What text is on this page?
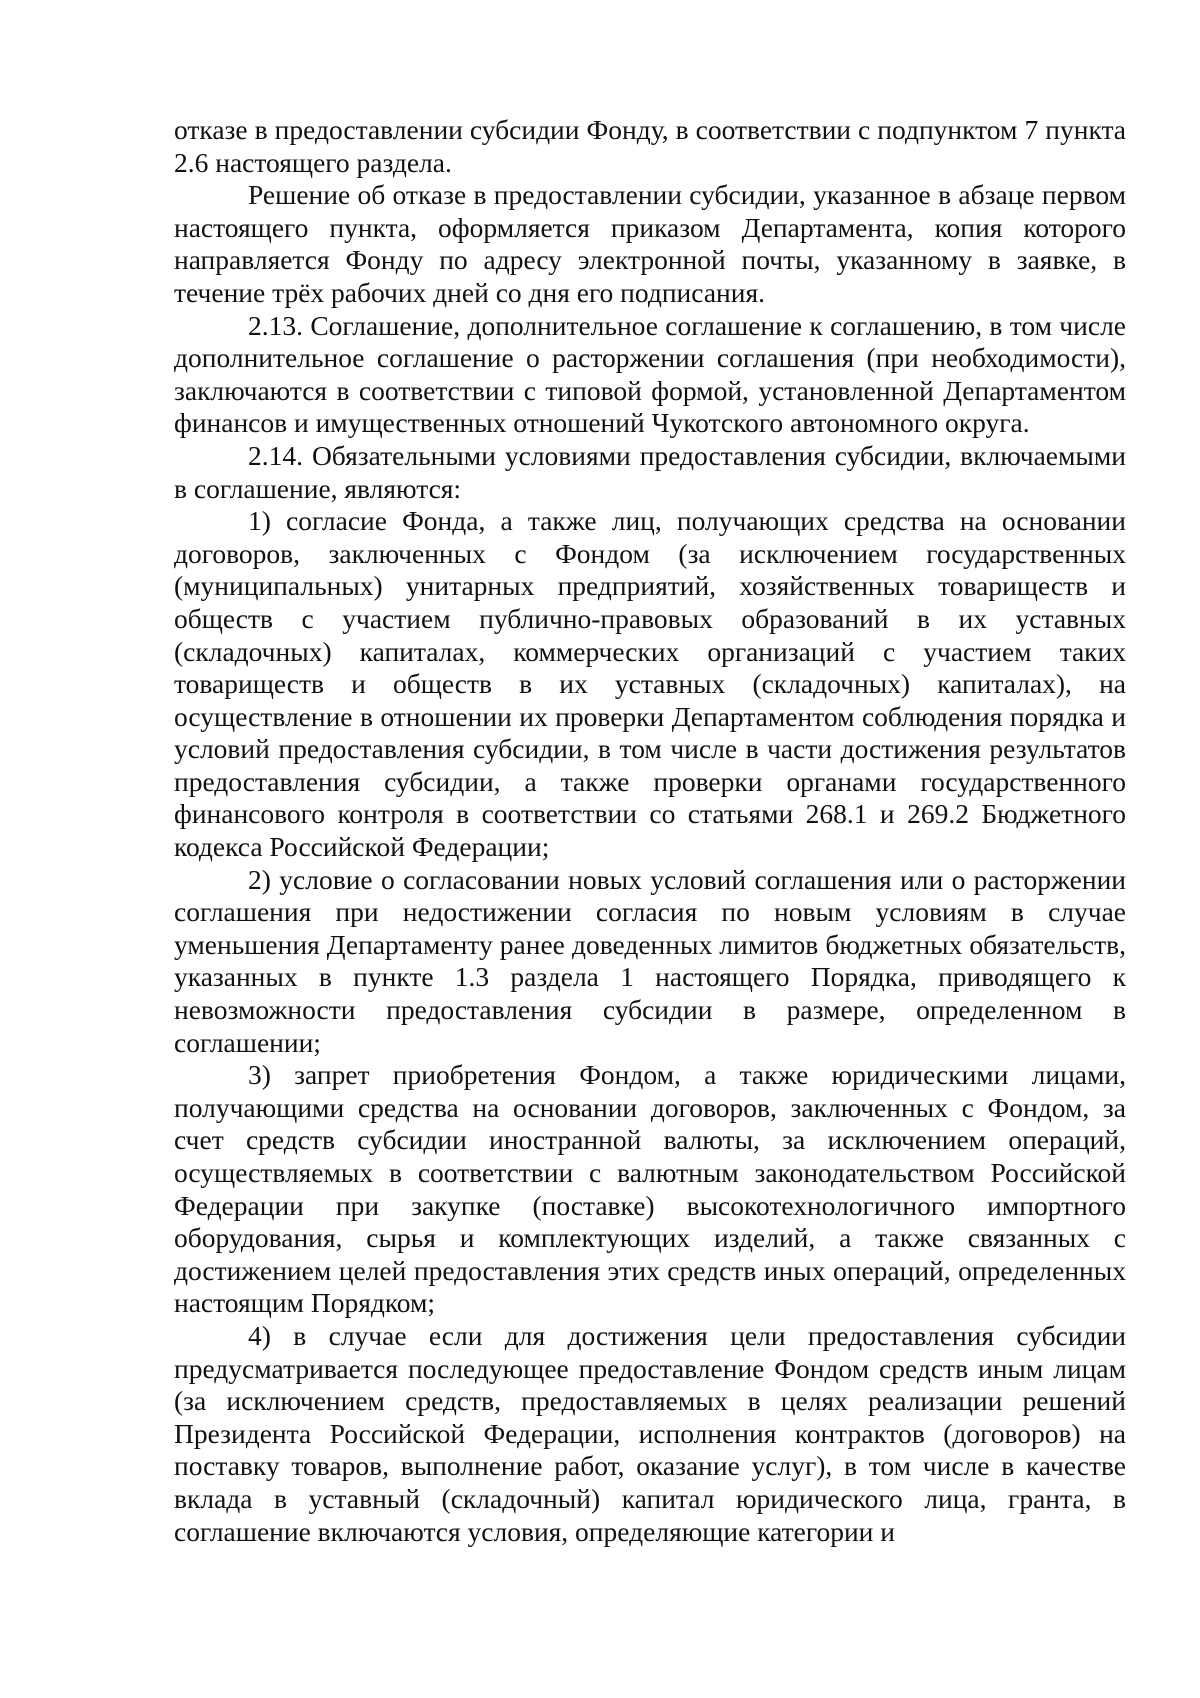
отказе в предоставлении субсидии Фонду, в соответствии с подпунктом 7 пункта 2.6 настоящего раздела.

Решение об отказе в предоставлении субсидии, указанное в абзаце первом настоящего пункта, оформляется приказом Департамента, копия которого направляется Фонду по адресу электронной почты, указанному в заявке, в течение трёх рабочих дней со дня его подписания.

2.13. Соглашение, дополнительное соглашение к соглашению, в том числе дополнительное соглашение о расторжении соглашения (при необходимости), заключаются в соответствии с типовой формой, установленной Департаментом финансов и имущественных отношений Чукотского автономного округа.

2.14. Обязательными условиями предоставления субсидии, включаемыми в соглашение, являются:

1) согласие Фонда, а также лиц, получающих средства на основании договоров, заключенных с Фондом (за исключением государственных (муниципальных) унитарных предприятий, хозяйственных товариществ и обществ с участием публично-правовых образований в их уставных (складочных) капиталах, коммерческих организаций с участием таких товариществ и обществ в их уставных (складочных) капиталах), на осуществление в отношении их проверки Департаментом соблюдения порядка и условий предоставления субсидии, в том числе в части достижения результатов предоставления субсидии, а также проверки органами государственного финансового контроля в соответствии со статьями 268.1 и 269.2 Бюджетного кодекса Российской Федерации;

2) условие о согласовании новых условий соглашения или о расторжении соглашения при недостижении согласия по новым условиям в случае уменьшения Департаменту ранее доведенных лимитов бюджетных обязательств, указанных в пункте 1.3 раздела 1 настоящего Порядка, приводящего к невозможности предоставления субсидии в размере, определенном в соглашении;

3) запрет приобретения Фондом, а также юридическими лицами, получающими средства на основании договоров, заключенных с Фондом, за счет средств субсидии иностранной валюты, за исключением операций, осуществляемых в соответствии с валютным законодательством Российской Федерации при закупке (поставке) высокотехнологичного импортного оборудования, сырья и комплектующих изделий, а также связанных с достижением целей предоставления этих средств иных операций, определенных настоящим Порядком;

4) в случае если для достижения цели предоставления субсидии предусматривается последующее предоставление Фондом средств иным лицам (за исключением средств, предоставляемых в целях реализации решений Президента Российской Федерации, исполнения контрактов (договоров) на поставку товаров, выполнение работ, оказание услуг), в том числе в качестве вклада в уставный (складочный) капитал юридического лица, гранта, в соглашение включаются условия, определяющие категории и
